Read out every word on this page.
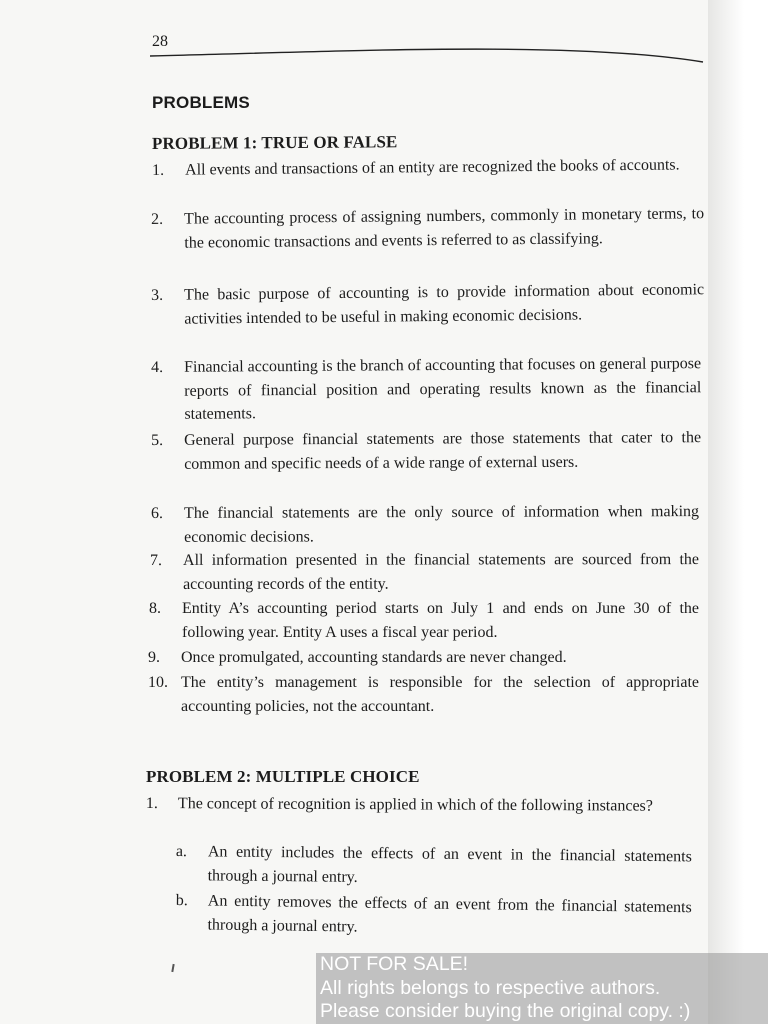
28
PROBLEMS
PROBLEM 1: TRUE OR FALSE
1.	All events and transactions of an entity are recognized the books of accounts.
2.	The accounting process of assigning numbers, commonly in monetary terms, to the economic transactions and events is referred to as classifying.
3.	The basic purpose of accounting is to provide information about economic activities intended to be useful in making economic decisions.
4.	Financial accounting is the branch of accounting that focuses on general purpose reports of financial position and operating results known as the financial statements.
5.	General purpose financial statements are those statements that cater to the common and specific needs of a wide range of external users.
6.	The financial statements are the only source of information when making economic decisions.
7.	All information presented in the financial statements are sourced from the accounting records of the entity.
8.	Entity A’s accounting period starts on July 1 and ends on June 30 of the following year. Entity A uses a fiscal year period.
9.	Once promulgated, accounting standards are never changed.
10. The entity’s management is responsible for the selection of appropriate accounting policies, not the accountant.
PROBLEM 2: MULTIPLE CHOICE
1.	The concept of recognition is applied in which of the following instances?
a.	An entity includes the effects of an event in the financial statements through a journal entry.
b.	An entity removes the effects of an event from the financial statements through a journal entry.
NOT FOR SALE!
All rights belongs to respective authors.
Please consider buying the original copy. :)
